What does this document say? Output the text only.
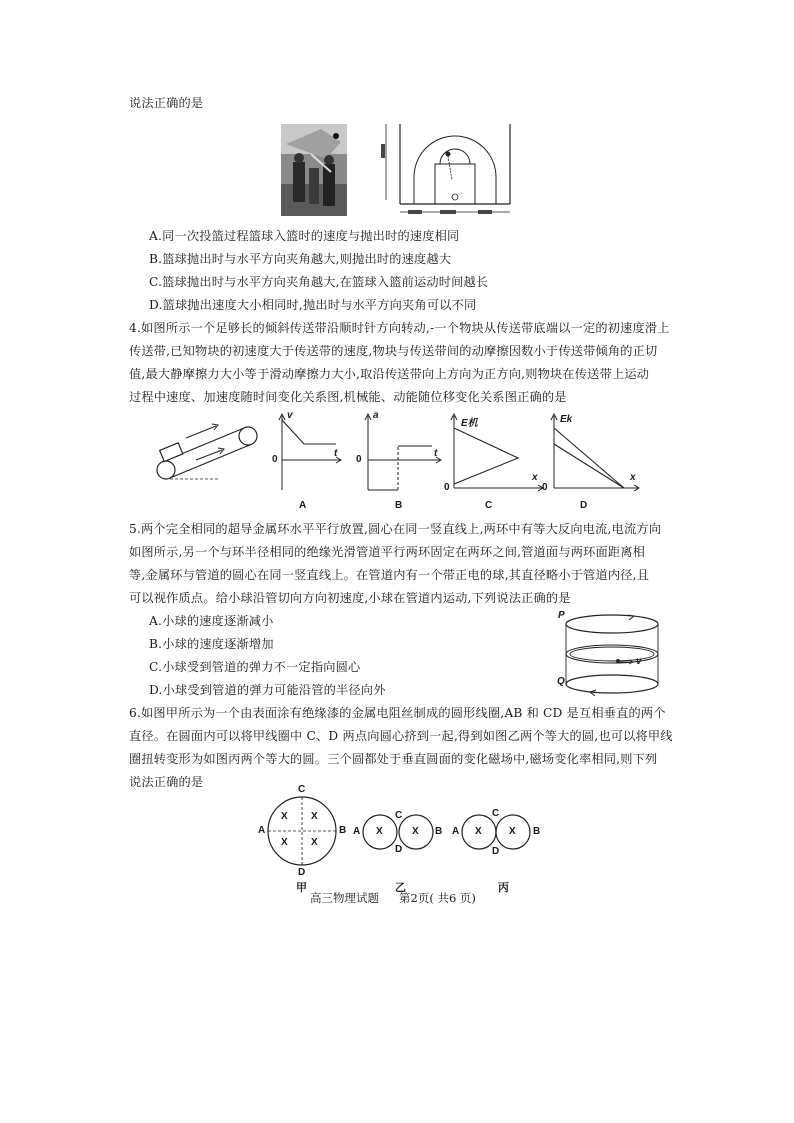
说法正确的是
A.同一次投篮过程篮球入篮时的速度与抛出时的速度相同
B.篮球抛出时与水平方向夹角越大,则抛出时的速度越大
C.篮球抛出时与水平方向夹角越大,在篮球入篮前运动时间越长
D.篮球抛出速度大小相同时,抛出时与水平方向夹角可以不同
4.如图所示一个足够长的倾斜传送带沿顺时针方向转动,-一个物块从传送带底端以一定的初速度滑上
传送带,已知物块的初速度大于传送带的速度,物块与传送带间的动摩擦因数小于传送带倾角的正切
值,最大静摩擦力大小等于滑动摩擦力大小,取沿传送带向上方向为正方向,则物块在传送带上运动
过程中速度、加速度随时间变化关系图,机械能、动能随位移变化关系图正确的是
v
0
t
A
a
0
t
B
E机
0
x
C
Ek
0
x
D
5.两个完全相同的超导金属环水平平行放置,圆心在同一竖直线上,两环中有等大反向电流,电流方向
如图所示,另一个与环半径相同的绝缘光滑管道平行两环固定在两环之间,管道面与两环面距离相
等,金属环与管道的圆心在同一竖直线上。在管道内有一个带正电的球,其直径略小于管道内径,且
可以视作质点。给小球沿管切向方向初速度,小球在管道内运动,下列说法正确的是
A.小球的速度逐渐减小
B.小球的速度逐渐增加
C.小球受到管道的弹力不一定指向圆心
D.小球受到管道的弹力可能沿管的半径向外
P
v
Q
6.如图甲所示为一个由表面涂有绝缘漆的金属电阻丝制成的圆形线圈,AB 和 CD 是互相垂直的两个
直径。在圆面内可以将甲线圈中 C、D 两点向圆心挤到一起,得到如图乙两个等大的圆,也可以将甲线
圈扭转变形为如图丙两个等大的圆。三个圆都处于垂直圆面的变化磁场中,磁场变化率相同,则下列
说法正确的是
C
A	B
D
X X
X X
甲
A	B
C
D
X	X
乙
A	B
C
D
X	X
丙
高三物理试题 第2页( 共6 页)
